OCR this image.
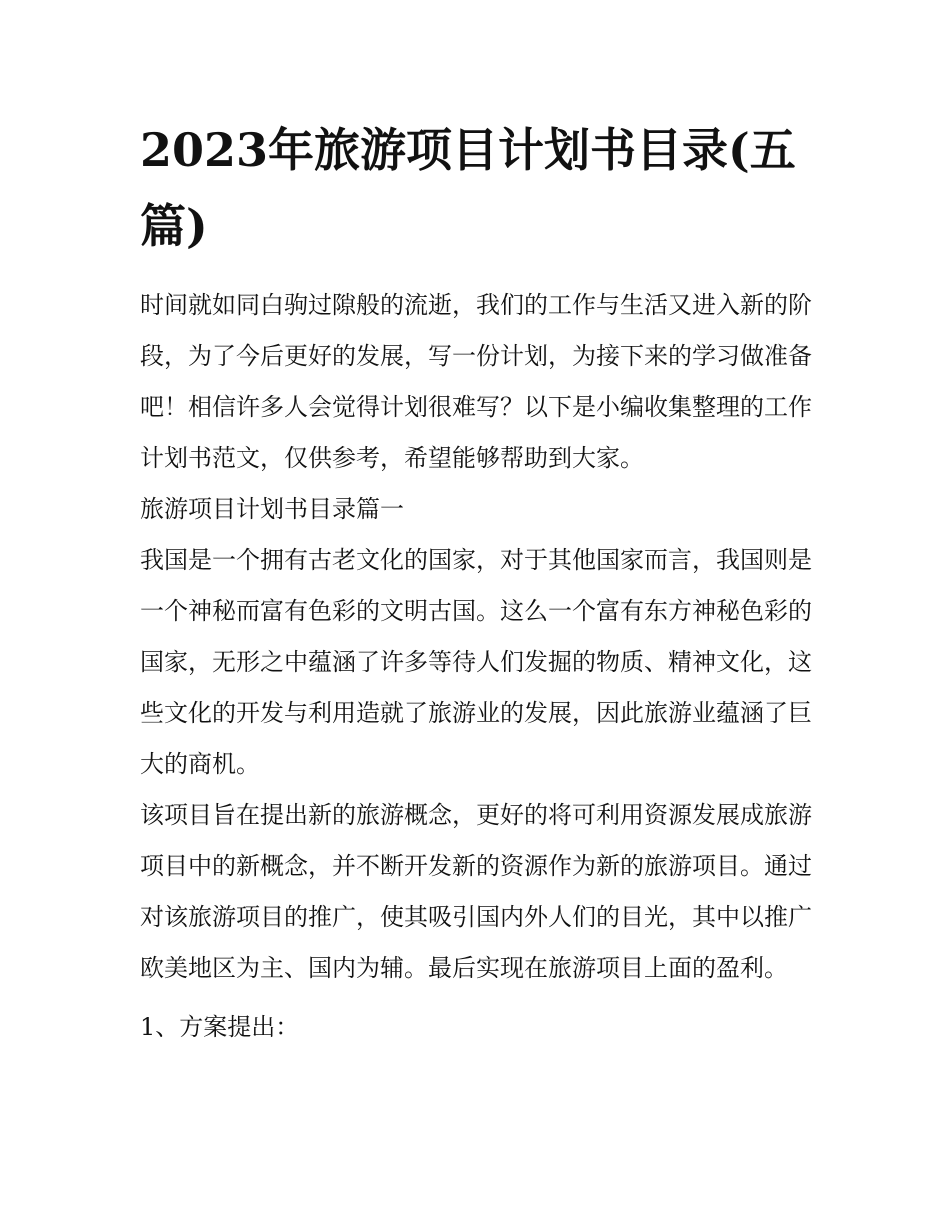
2023年旅游项目计划书目录(五篇)

时间就如同白驹过隙般的流逝，我们的工作与生活又进入新的阶段，为了今后更好的发展，写一份计划，为接下来的学习做准备吧！相信许多人会觉得计划很难写？以下是小编收集整理的工作计划书范文，仅供参考，希望能够帮助到大家。

旅游项目计划书目录篇一

我国是一个拥有古老文化的国家，对于其他国家而言，我国则是一个神秘而富有色彩的文明古国。这么一个富有东方神秘色彩的国家，无形之中蕴涵了许多等待人们发掘的物质、精神文化，这些文化的开发与利用造就了旅游业的发展，因此旅游业蕴涵了巨大的商机。

该项目旨在提出新的旅游概念，更好的将可利用资源发展成旅游项目中的新概念，并不断开发新的资源作为新的旅游项目。通过对该旅游项目的推广，使其吸引国内外人们的目光，其中以推广欧美地区为主、国内为辅。最后实现在旅游项目上面的盈利。

1、方案提出：
